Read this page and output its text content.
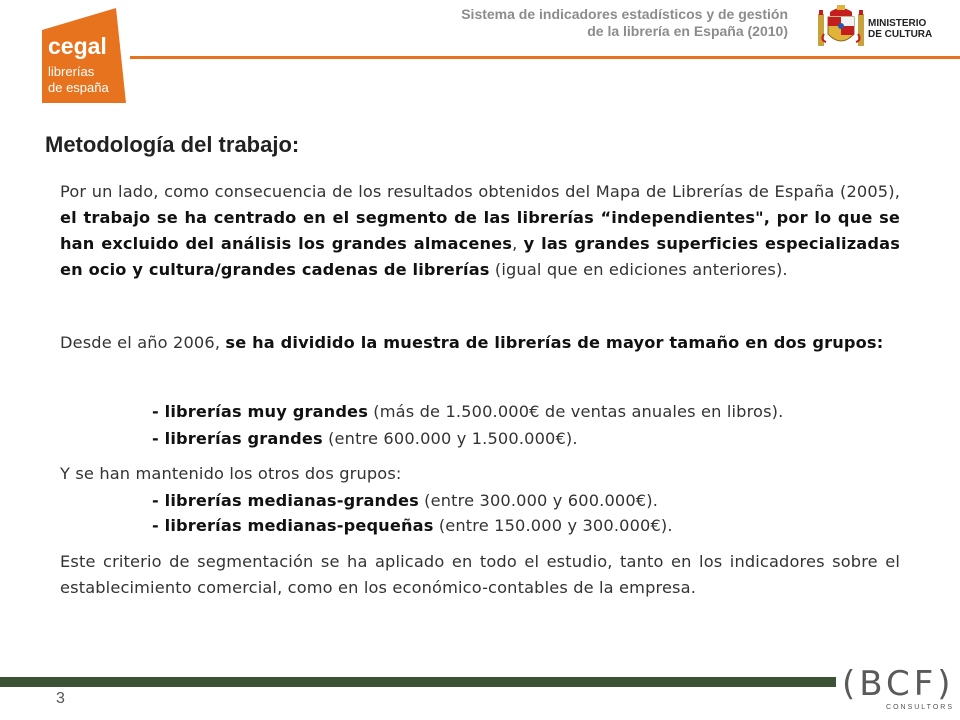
cegal
librerías
de españa
Sistema de indicadores estadísticos y de gestión
de la librería en España (2010)	MINISTERIO
DE CULTURA
Metodología del trabajo:
Por un lado, como consecuencia de los resultados obtenidos del Mapa de Librerías de España (2005), el trabajo se ha centrado en el segmento de las librerías “independientes", por lo que se han excluido del análisis los grandes almacenes, y las grandes superficies especializadas en ocio y cultura/grandes cadenas de librerías (igual que en ediciones anteriores).
Desde el año 2006, se ha dividido la muestra de librerías de mayor tamaño en dos grupos:
- librerías muy grandes (más de 1.500.000€ de ventas anuales en libros).
- librerías grandes (entre 600.000 y 1.500.000€).
Y se han mantenido los otros dos grupos:
- librerías medianas-grandes (entre 300.000 y 600.000€).
- librerías medianas-pequeñas (entre 150.000 y 300.000€).
Este criterio de segmentación se ha aplicado en todo el estudio, tanto en los indicadores sobre el establecimiento comercial, como en los económico-contables de la empresa.
3	(BCF)
CONSULTORS
